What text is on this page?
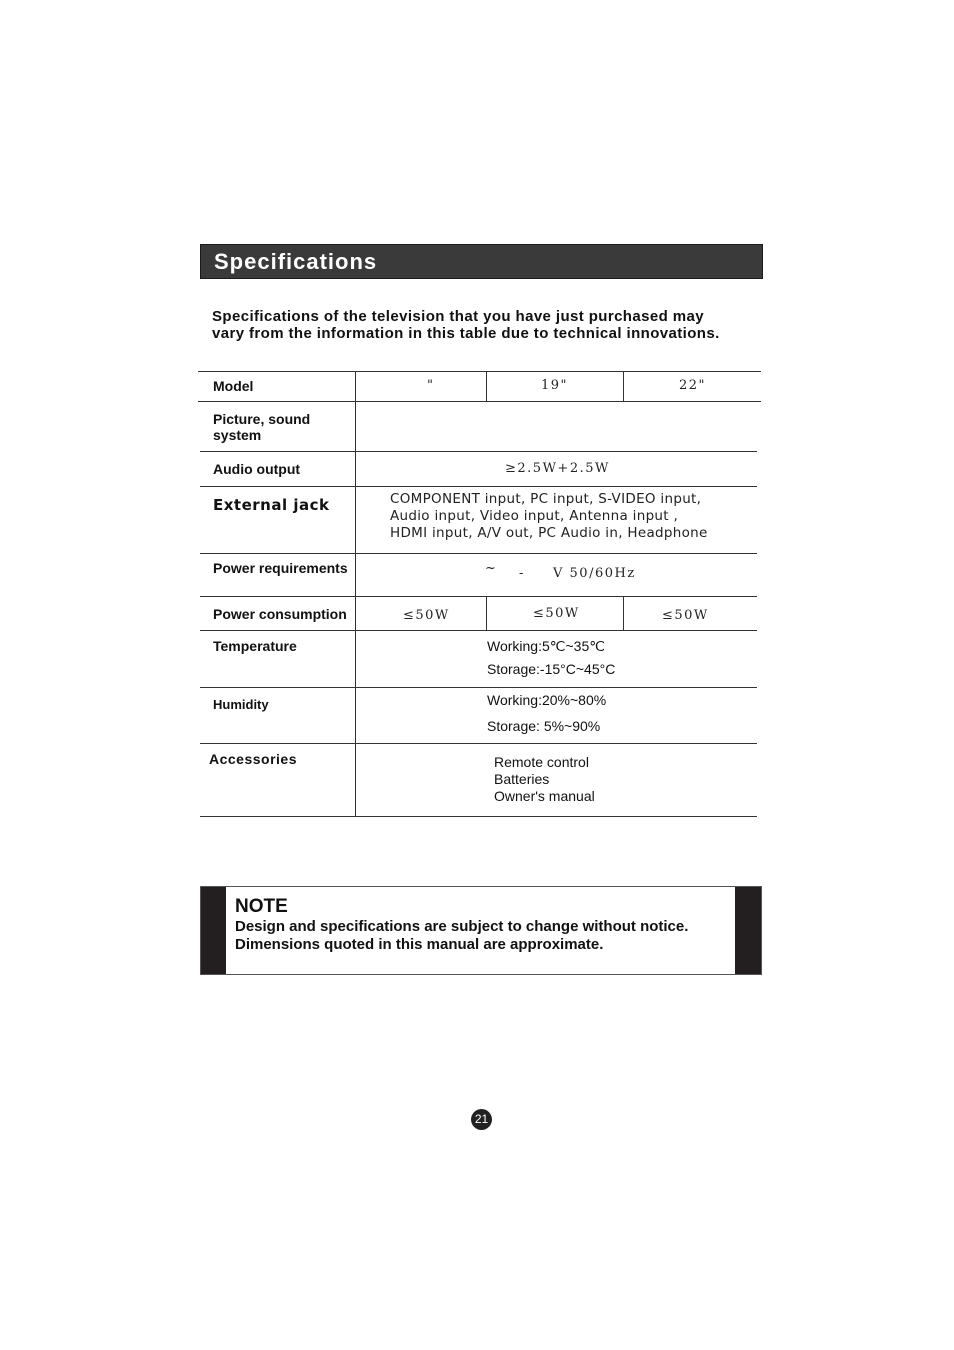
Specifications
Specifications of the television that you have just purchased may
vary from the information in this table due to technical innovations.
Model	"	19"	22"
Picture, sound
system
Audio output	≥2.5W+2.5W
External jack	COMPONENT input, PC input, S-VIDEO input,
Audio input, Video input, Antenna input ,
HDMI input, A/V out, PC Audio in, Headphone
Power requirements	~ - V 50/60Hz
Power consumption	≤50W	≤50W	≤50W
Temperature	Working:5℃~35℃
Storage:-15°C~45°C
Humidity	Working:20%~80%
Storage: 5%~90%
Accessories	Remote control
Batteries
Owner's manual
NOTE
Design and specifications are subject to change without notice.
Dimensions quoted in this manual are approximate.
21
